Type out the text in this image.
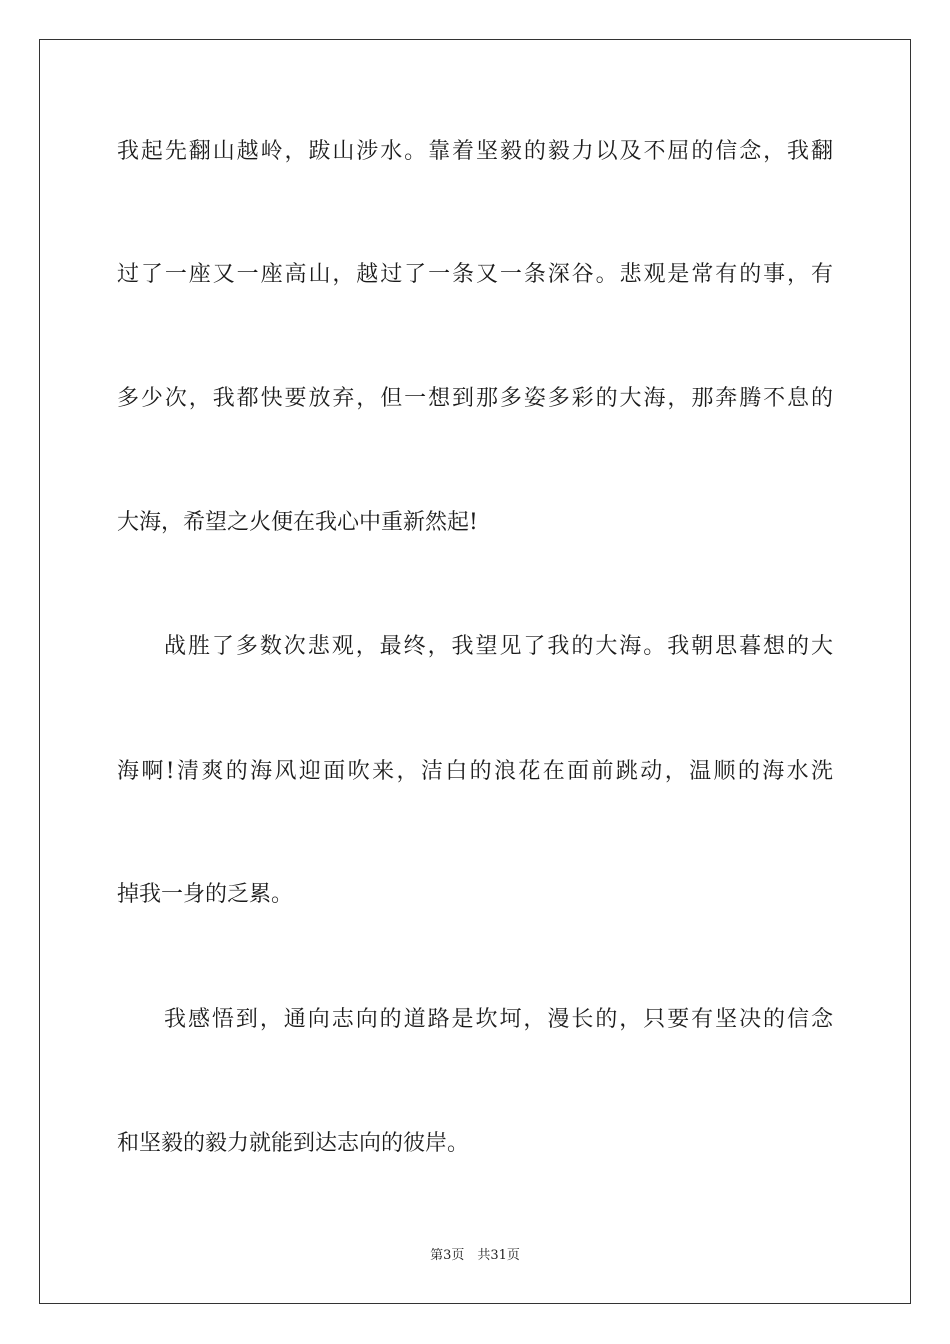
我起先翻山越岭，跋山涉水。靠着坚毅的毅力以及不屈的信念，我翻
过了一座又一座高山，越过了一条又一条深谷。悲观是常有的事，有
多少次，我都快要放弃，但一想到那多姿多彩的大海，那奔腾不息的
大海，希望之火便在我心中重新然起!
战胜了多数次悲观，最终，我望见了我的大海。我朝思暮想的大
海啊!清爽的海风迎面吹来，洁白的浪花在面前跳动，温顺的海水洗
掉我一身的乏累。
我感悟到，通向志向的道路是坎坷，漫长的，只要有坚决的信念
和坚毅的毅力就能到达志向的彼岸。
第3页　共31页
